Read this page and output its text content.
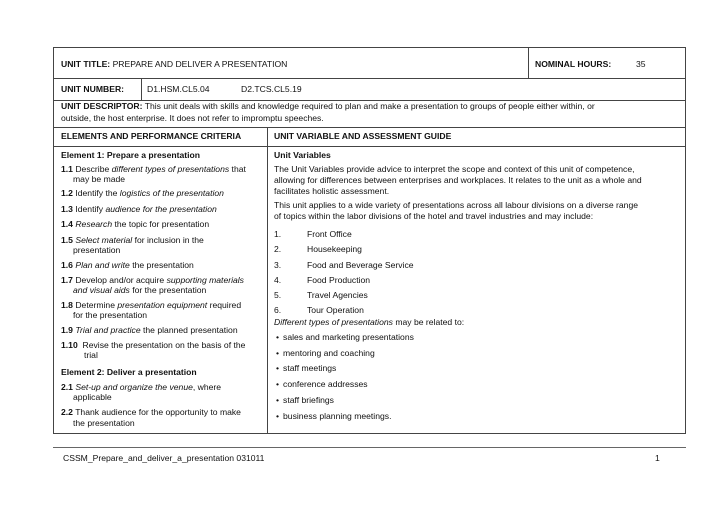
UNIT TITLE: PREPARE AND DELIVER A PRESENTATION	NOMINAL HOURS:	35
UNIT NUMBER:	D1.HSM.CL5.04	D2.TCS.CL5.19
UNIT DESCRIPTOR: This unit deals with skills and knowledge required to plan and make a presentation to groups of people either within, or
outside, the host enterprise. It does not refer to impromptu speeches.
ELEMENTS AND PERFORMANCE CRITERIA	UNIT VARIABLE AND ASSESSMENT GUIDE
Element 1: Prepare a presentation
1.1 Describe different types of presentations that
may be made
1.2 Identify the logistics of the presentation
1.3 Identify audience for the presentation
1.4 Research the topic for presentation
1.5 Select material for inclusion in the
presentation
1.6 Plan and write the presentation
1.7 Develop and/or acquire supporting materials
and visual aids for the presentation
1.8 Determine presentation equipment required
for the presentation
1.9 Trial and practice the planned presentation
1.10 Revise the presentation on the basis of the
trial
Element 2: Deliver a presentation
2.1 Set-up and organize the venue, where
applicable
2.2 Thank audience for the opportunity to make
the presentation
Unit Variables
The Unit Variables provide advice to interpret the scope and context of this unit of competence,
allowing for differences between enterprises and workplaces. It relates to the unit as a whole and
facilitates holistic assessment.
This unit applies to a wide variety of presentations across all labour divisions on a diverse range
of topics within the labor divisions of the hotel and travel industries and may include:
1.	Front Office
2.	Housekeeping
3.	Food and Beverage Service
4.	Food Production
5.	Travel Agencies
6.	Tour Operation
Different types of presentations may be related to:
• sales and marketing presentations
• mentoring and coaching
• staff meetings
• conference addresses
• staff briefings
• business planning meetings.
CSSM_Prepare_and_deliver_a_presentation 031011	1
